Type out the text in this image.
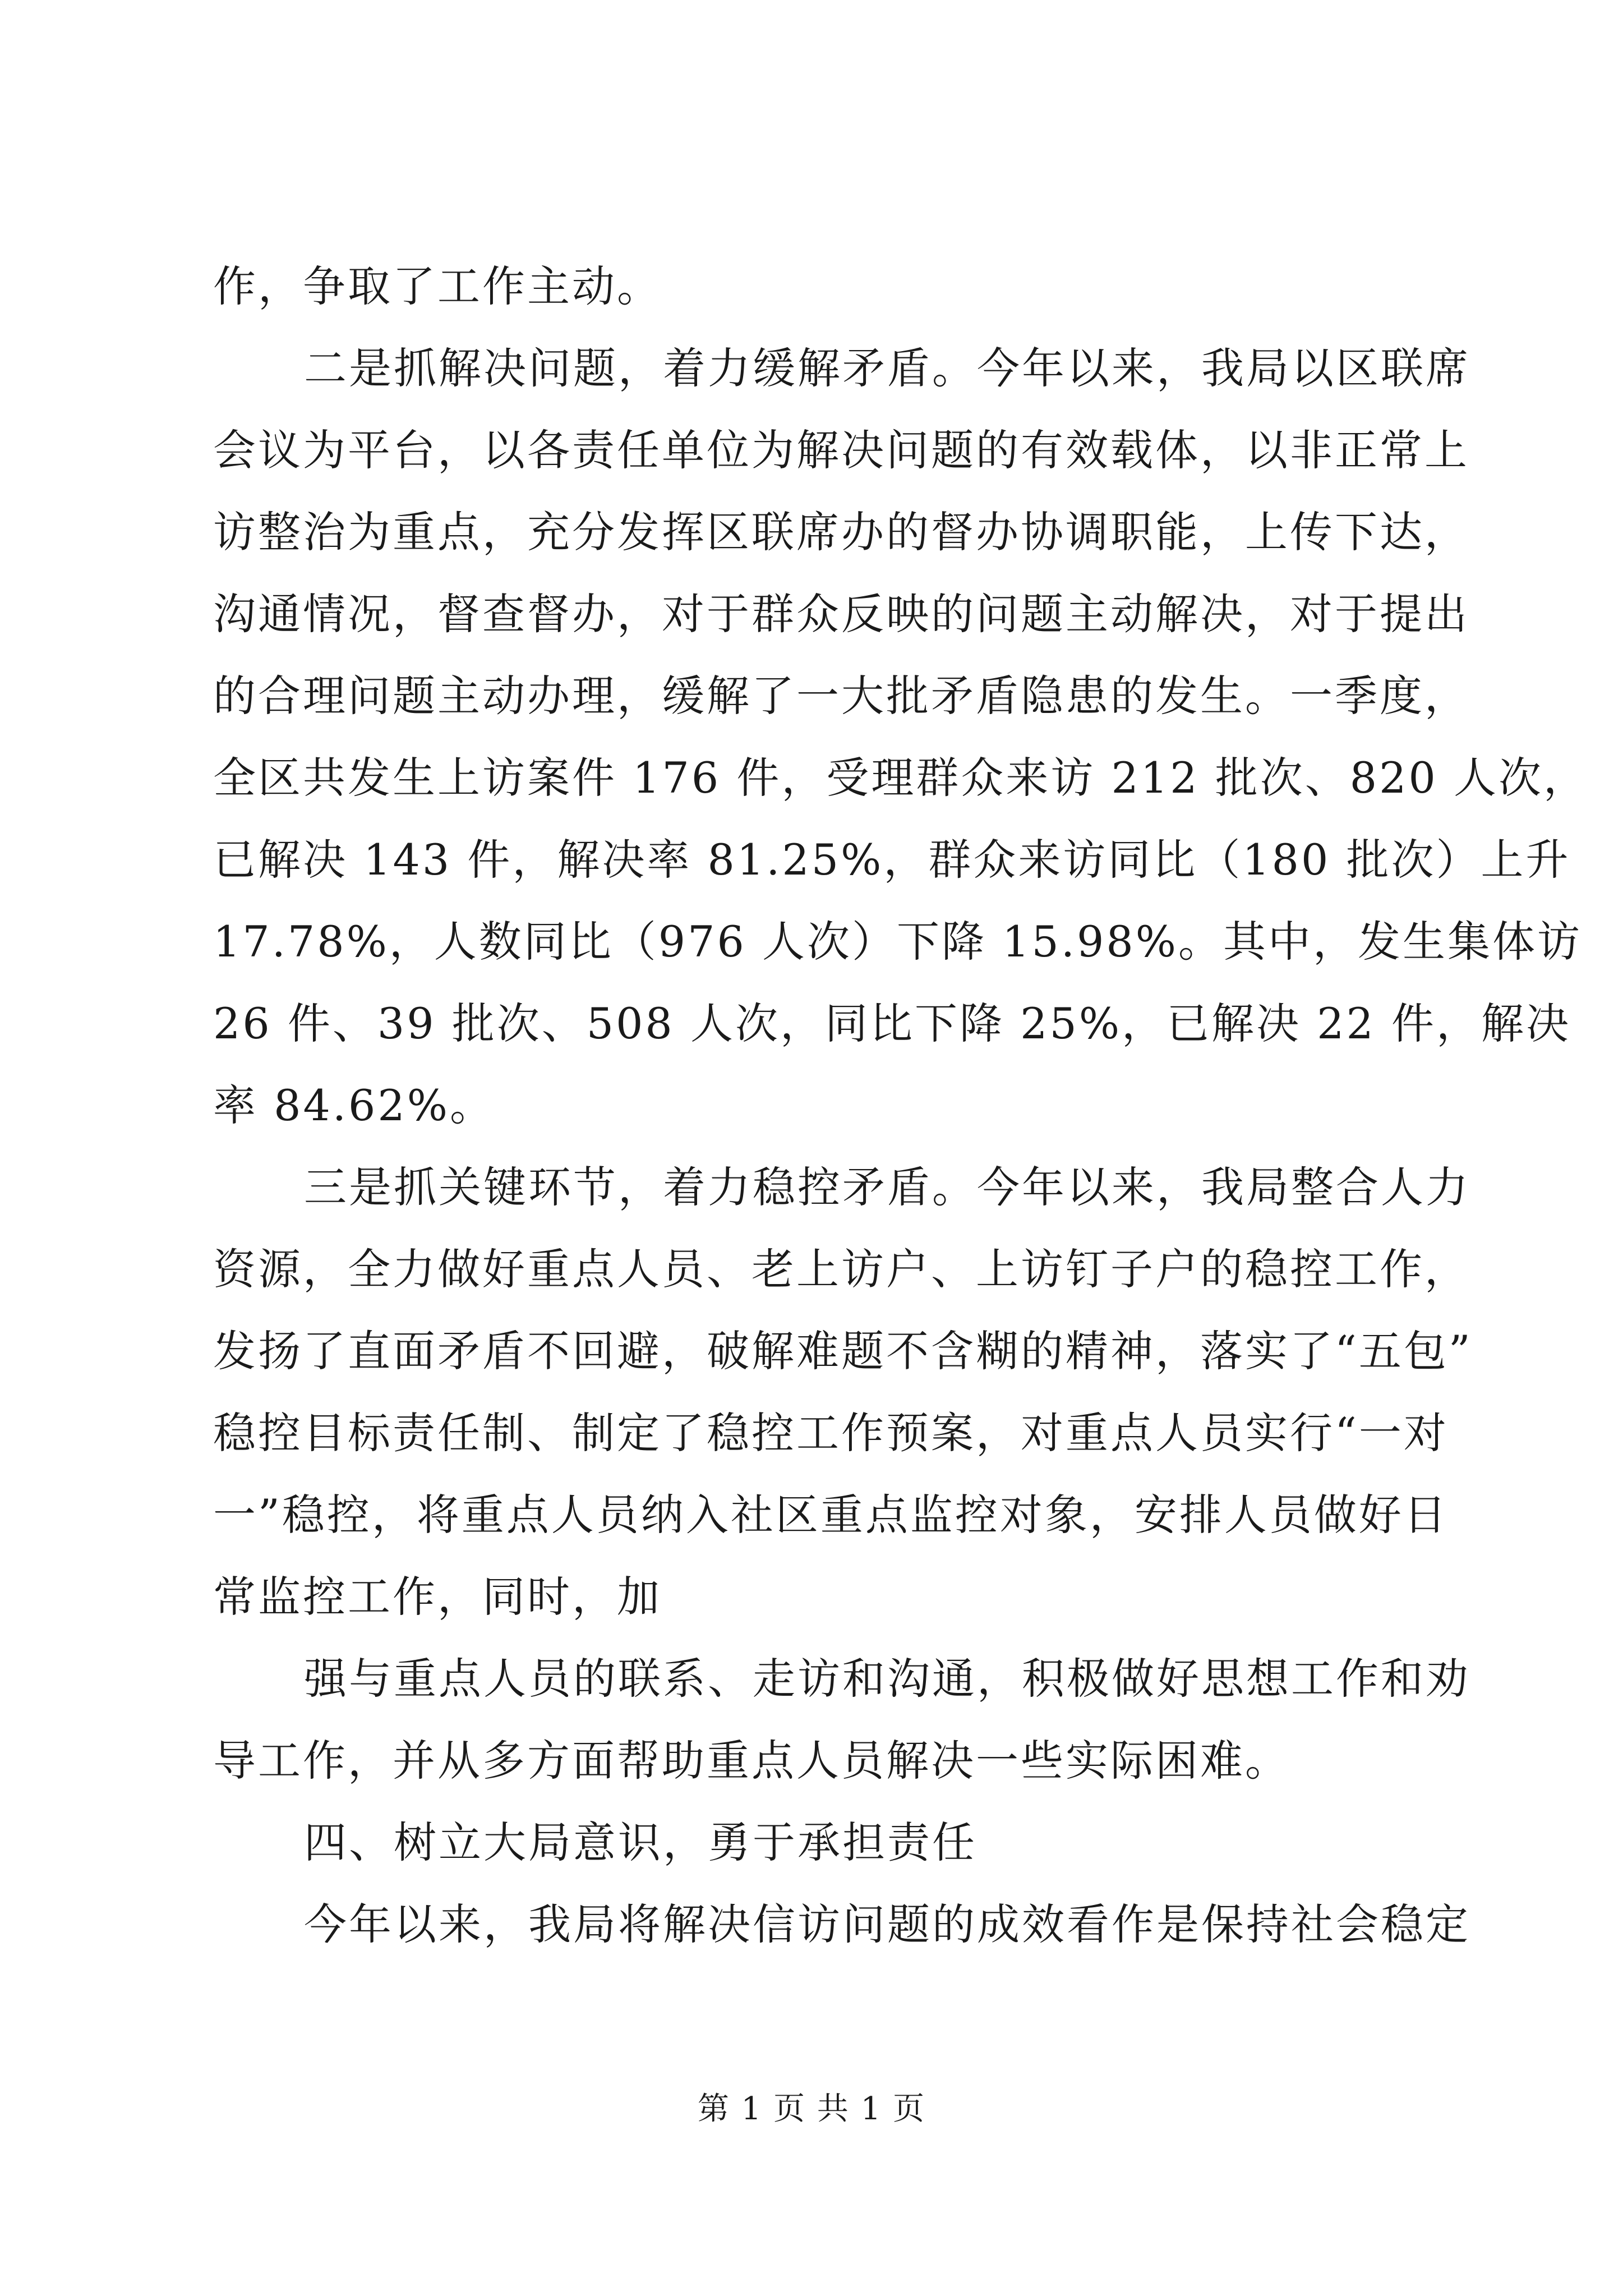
作，争取了工作主动。
二是抓解决问题，着力缓解矛盾。今年以来，我局以区联席
会议为平台，以各责任单位为解决问题的有效载体，以非正常上
访整治为重点，充分发挥区联席办的督办协调职能，上传下达，
沟通情况，督查督办，对于群众反映的问题主动解决，对于提出
的合理问题主动办理，缓解了一大批矛盾隐患的发生。一季度，
全区共发生上访案件 176 件，受理群众来访 212 批次、820 人次，
已解决 143 件，解决率 81.25%，群众来访同比（180 批次）上升
17.78%，人数同比（976 人次）下降 15.98%。其中，发生集体访
26 件、39 批次、508 人次，同比下降 25%，已解决 22 件，解决
率 84.62%。
三是抓关键环节，着力稳控矛盾。今年以来，我局整合人力
资源，全力做好重点人员、老上访户、上访钉子户的稳控工作，
发扬了直面矛盾不回避，破解难题不含糊的精神，落实了“五包”
稳控目标责任制、制定了稳控工作预案，对重点人员实行“一对
一”稳控，将重点人员纳入社区重点监控对象，安排人员做好日
常监控工作，同时，加
强与重点人员的联系、走访和沟通，积极做好思想工作和劝
导工作，并从多方面帮助重点人员解决一些实际困难。
四、树立大局意识，勇于承担责任
今年以来，我局将解决信访问题的成效看作是保持社会稳定
第 1 页 共 1 页
